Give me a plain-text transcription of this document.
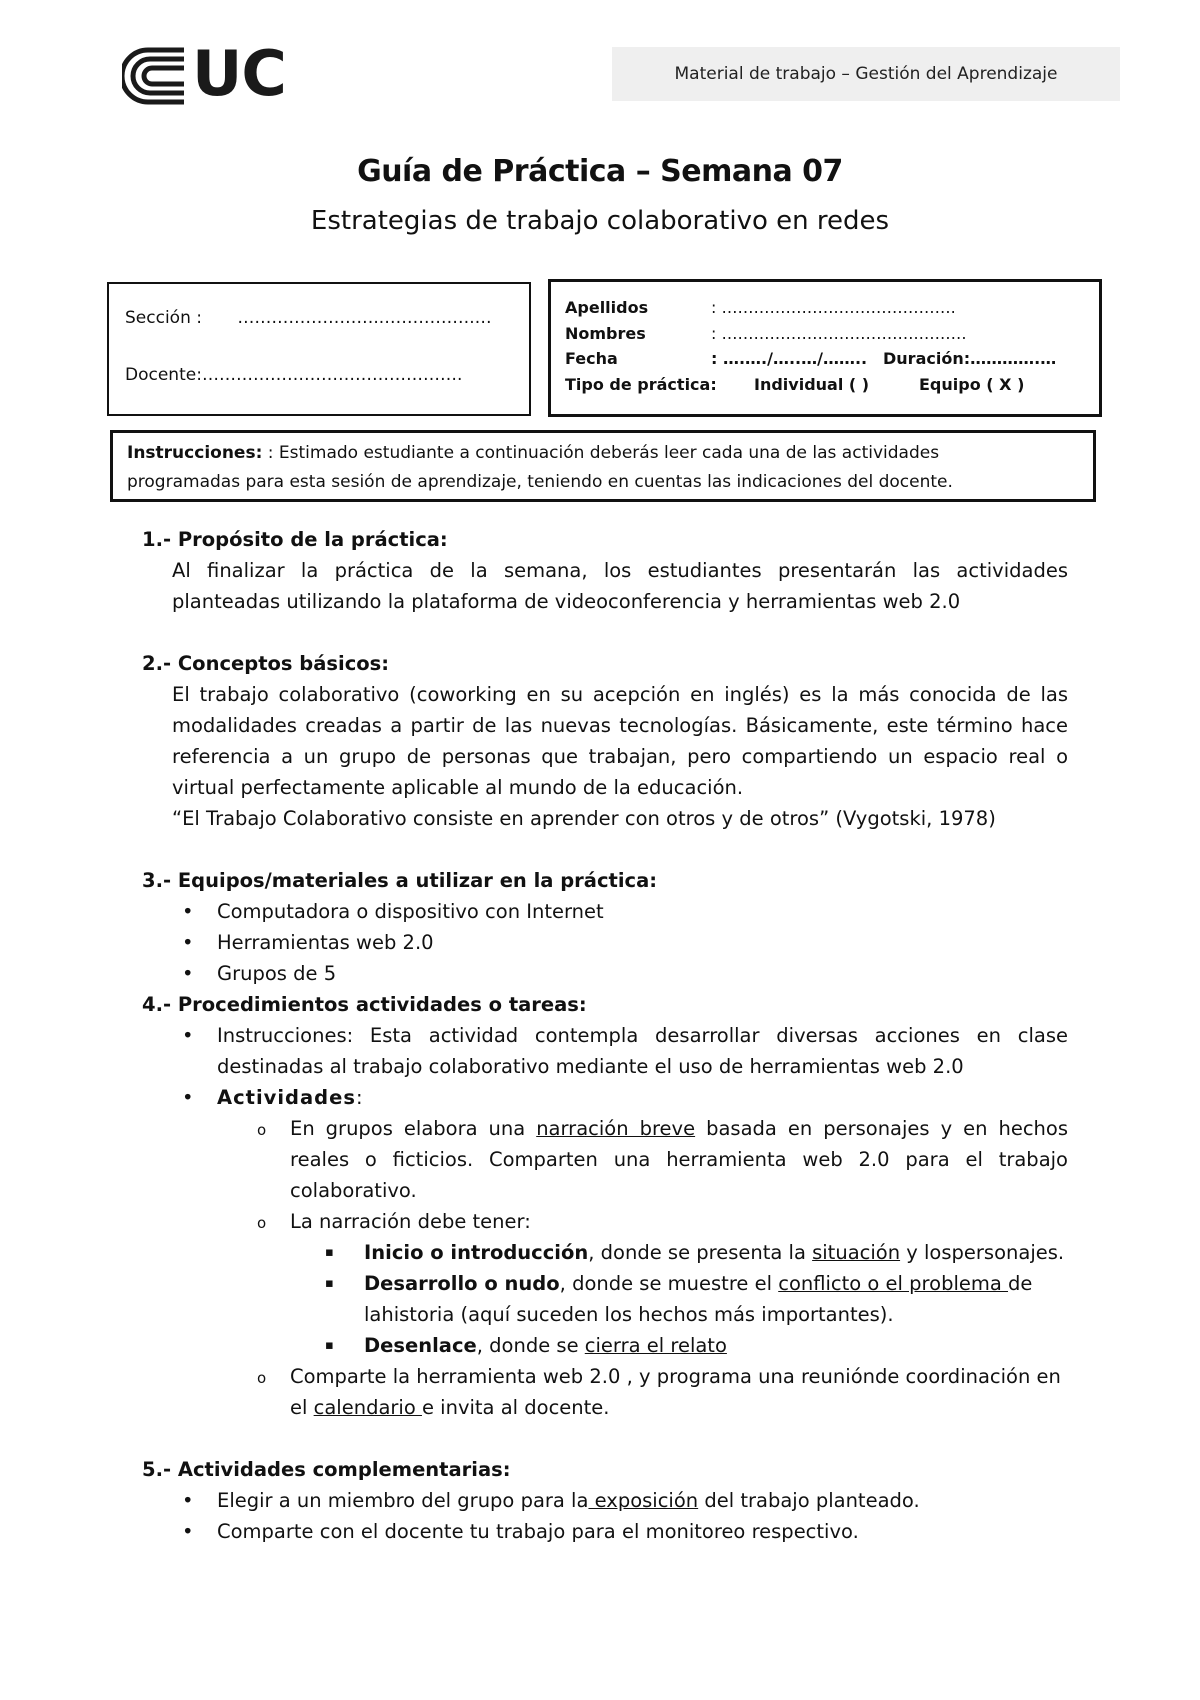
UC	Material de trabajo – Gestión del Aprendizaje
Guía de Práctica – Semana 07
Estrategias de trabajo colaborativo en redes
Sección : ……………………..…………….…
Docente:……………………………………….
Apellidos	: ………………….………………….
Nombres	: ……………………………….………
Fecha	: ….…./…..…/…….. Duración:………….…
Tipo de práctica: Individual ( )	Equipo ( X )
Instrucciones: : Estimado estudiante a continuación deberás leer cada una de las actividades
programadas para esta sesión de aprendizaje, teniendo en cuentas las indicaciones del docente.

1.- Propósito de la práctica:

Al finalizar la práctica de la semana, los estudiantes presentarán las actividades planteadas utilizando la plataforma de videoconferencia y herramientas web 2.0

2.- Conceptos básicos:

El trabajo colaborativo (coworking en su acepción en inglés) es la más conocida de las modalidades creadas a partir de las nuevas tecnologías. Básicamente, este término hace referencia a un grupo de personas que trabajan, pero compartiendo un espacio real o virtual perfectamente aplicable al mundo de la educación.

“El Trabajo Colaborativo consiste en aprender con otros y de otros” (Vygotski, 1978)

3.- Equipos/materiales a utilizar en la práctica:

• Computadora o dispositivo con Internet
• Herramientas web 2.0
• Grupos de 5

4.- Procedimientos actividades o tareas:

• Instrucciones: Esta actividad contempla desarrollar diversas acciones en clase destinadas al trabajo colaborativo mediante el uso de herramientas web 2.0
• Actividades:
o En grupos elabora una narración breve basada en personajes y en hechos reales o ficticios. Comparten una herramienta web 2.0 para el trabajo colaborativo.
o La narración debe tener:
▪ Inicio o introducción, donde se presenta la situación y lospersonajes.
▪ Desarrollo o nudo, donde se muestre el conflicto o el problema de lahistoria (aquí suceden los hechos más importantes).
▪ Desenlace, donde se cierra el relato
o Comparte la herramienta web 2.0 , y programa una reuniónde coordinación en el calendario e invita al docente.

5.- Actividades complementarias:

• Elegir a un miembro del grupo para la exposición del trabajo planteado.
• Comparte con el docente tu trabajo para el monitoreo respectivo.
